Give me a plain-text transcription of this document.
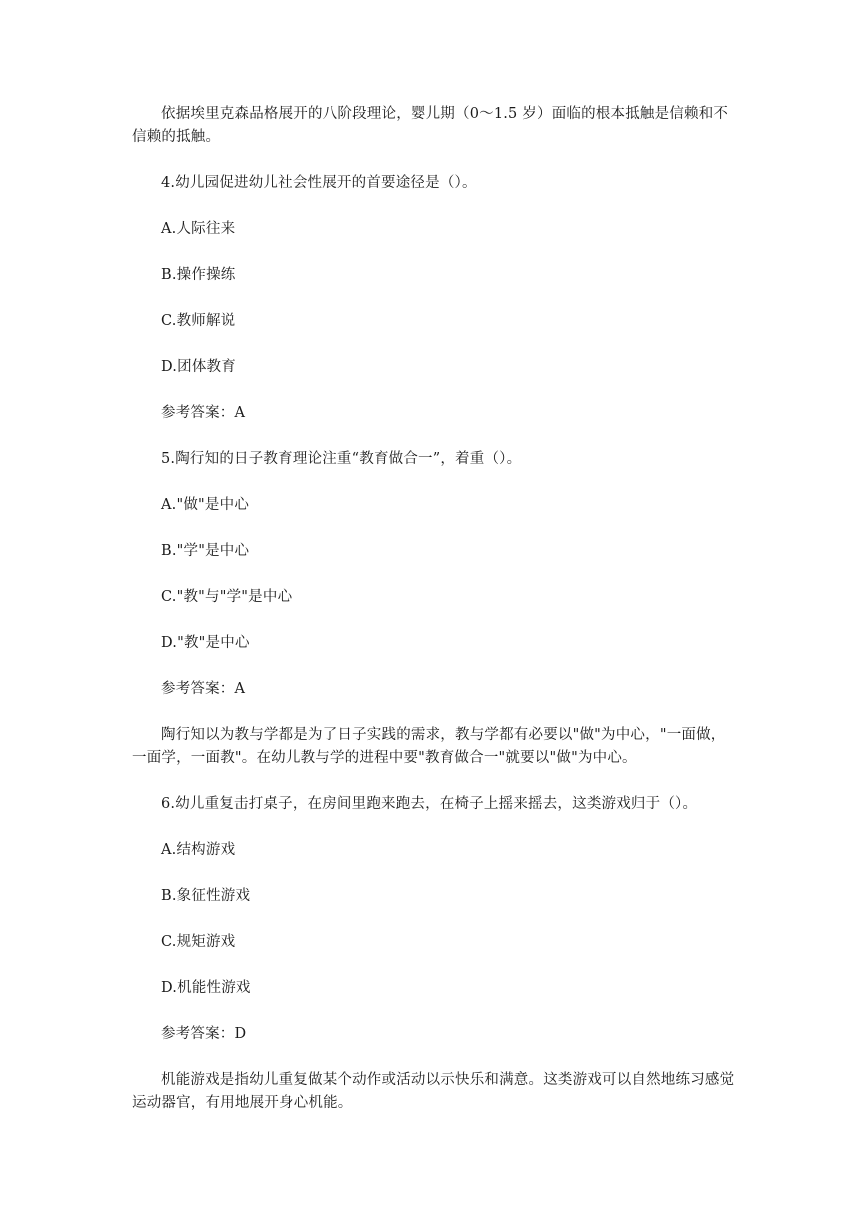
依据埃里克森品格展开的八阶段理论，婴儿期（0～1.5 岁）面临的根本抵触是信赖和不信赖的抵触。

4.幼儿园促进幼儿社会性展开的首要途径是（）。

A.人际往来

B.操作操练

C.教师解说

D.团体教育

参考答案：A

5.陶行知的日子教育理论注重“教育做合一”，着重（）。

A."做"是中心

B."学"是中心

C."教"与"学"是中心

D."教"是中心

参考答案：A

陶行知以为教与学都是为了日子实践的需求，教与学都有必要以"做"为中心，"一面做，一面学，一面教"。在幼儿教与学的进程中要"教育做合一"就要以"做"为中心。

6.幼儿重复击打桌子，在房间里跑来跑去，在椅子上摇来摇去，这类游戏归于（）。

A.结构游戏

B.象征性游戏

C.规矩游戏

D.机能性游戏

参考答案：D

机能游戏是指幼儿重复做某个动作或活动以示快乐和满意。这类游戏可以自然地练习感觉运动器官，有用地展开身心机能。
